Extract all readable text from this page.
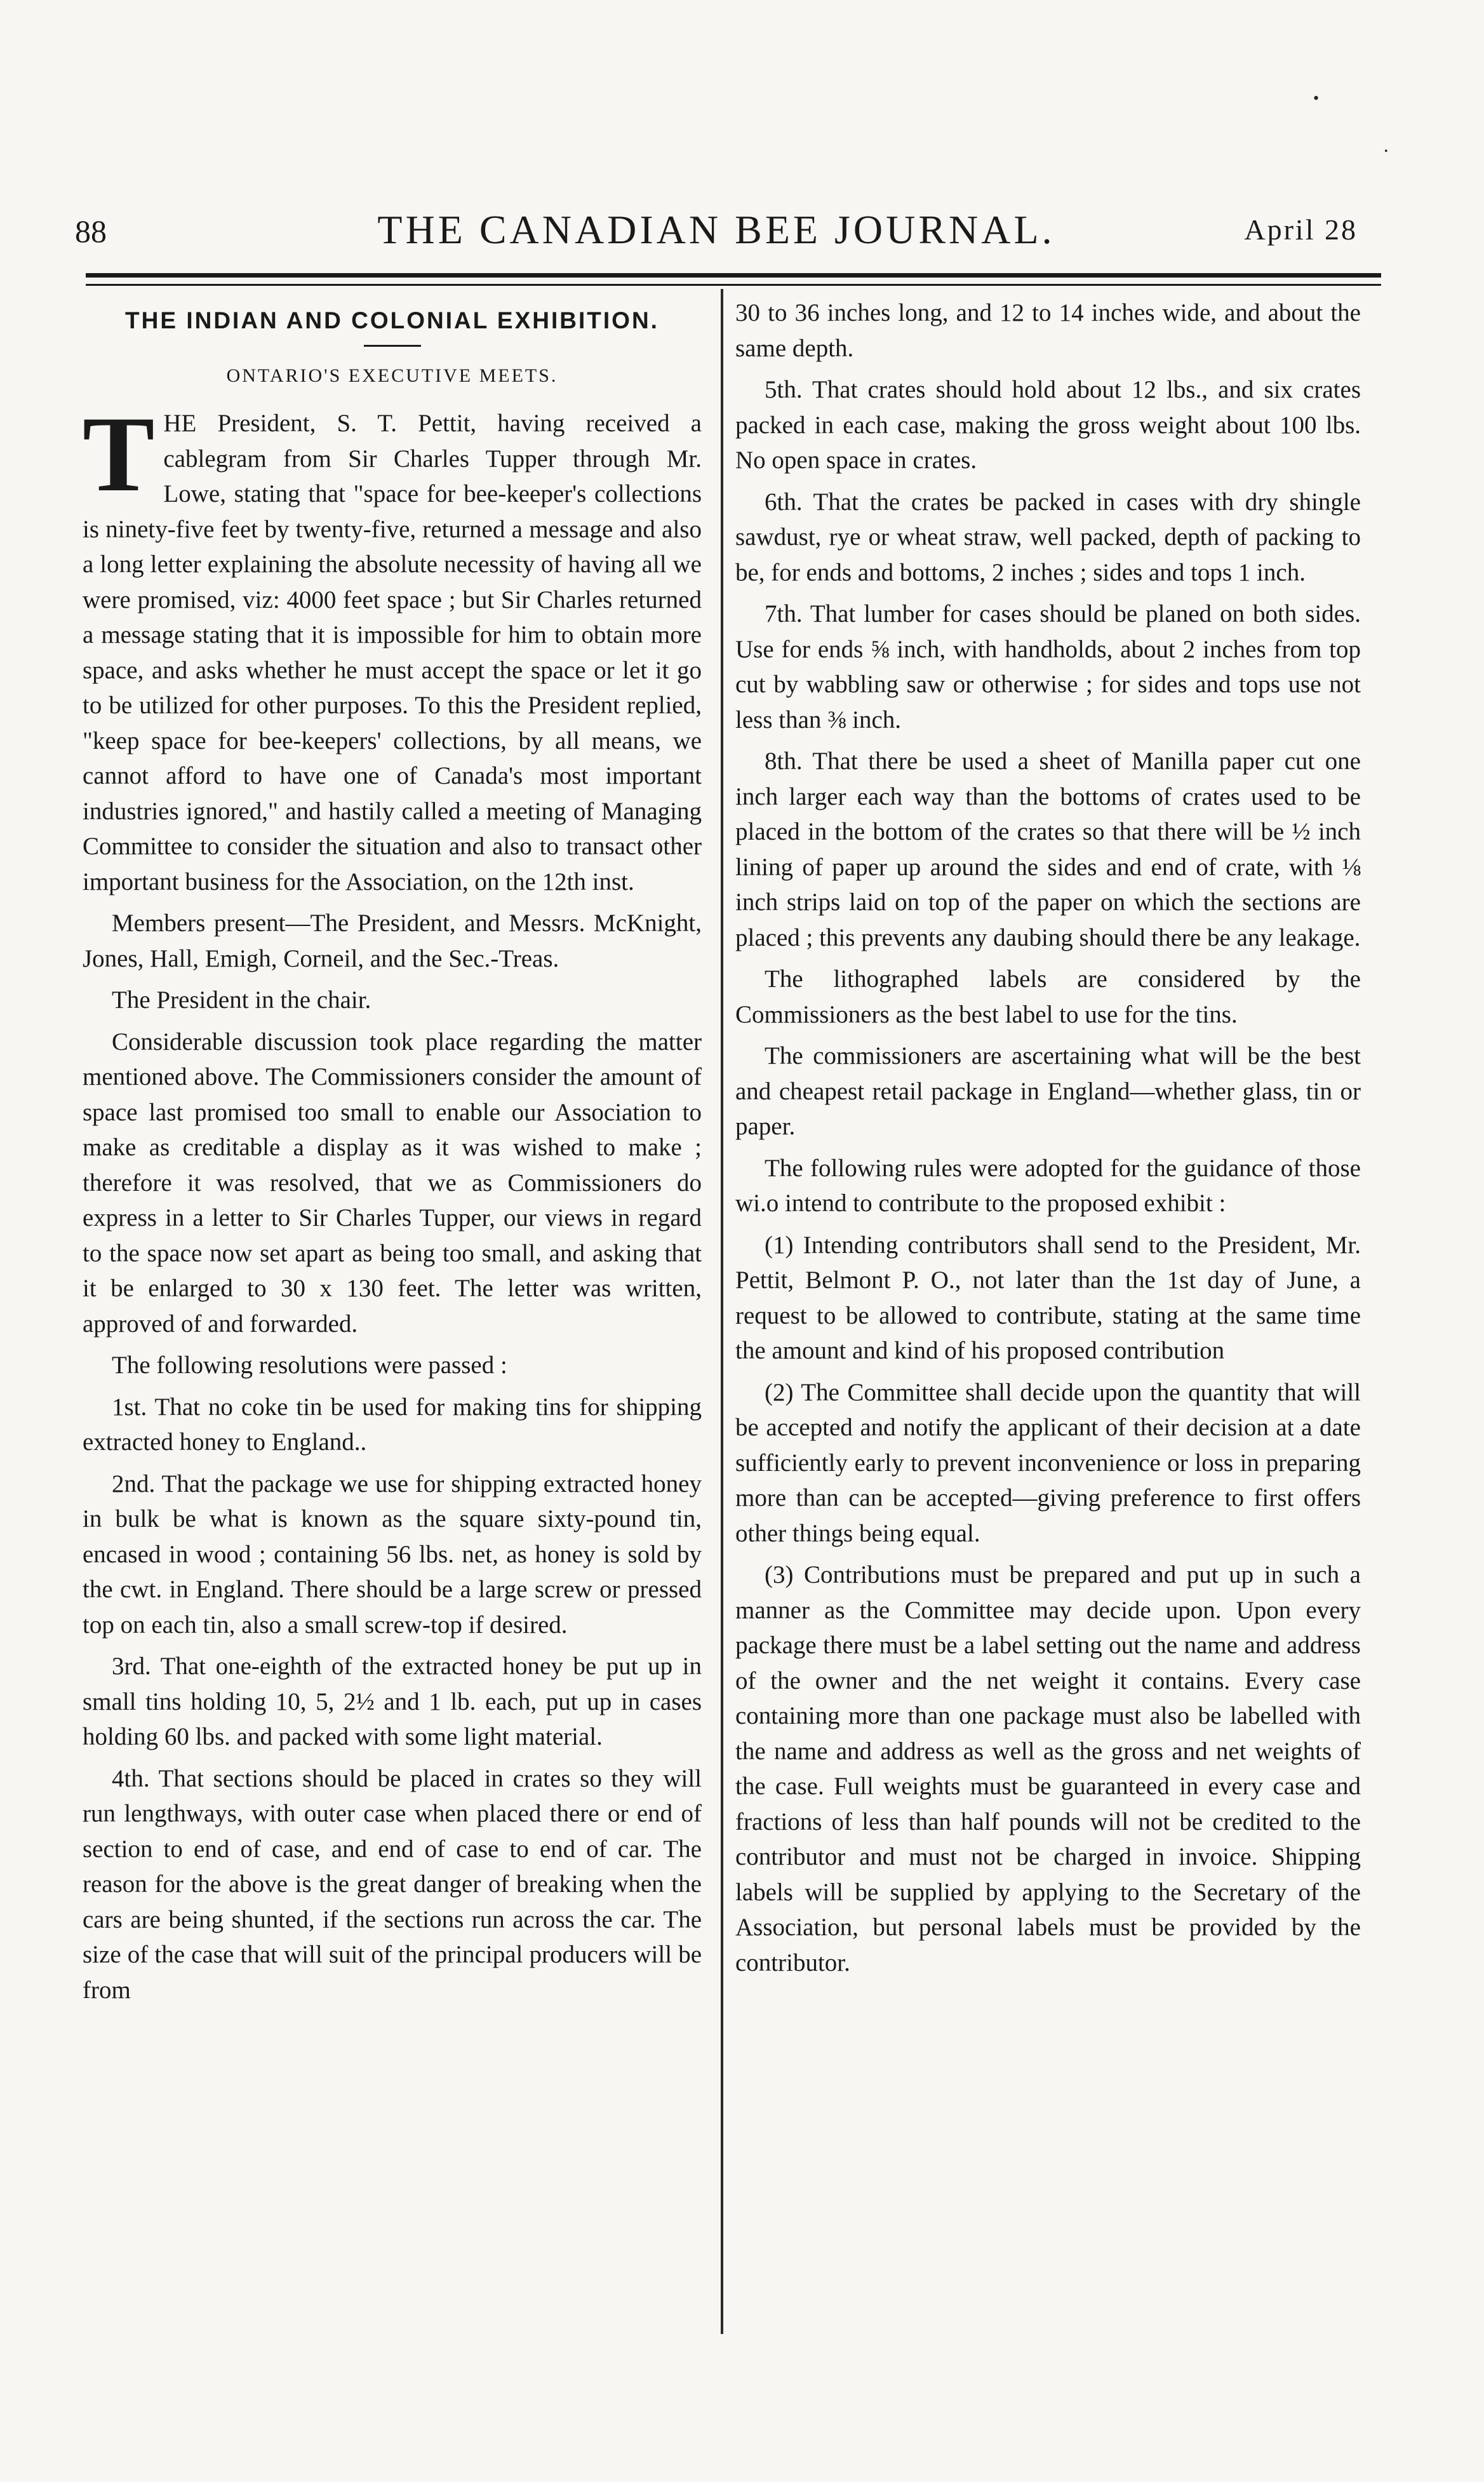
88	THE CANADIAN BEE JOURNAL.	April 28
•
•
THE INDIAN AND COLONIAL EXHIBITION.
ONTARIO'S EXECUTIVE MEETS.

THE President, S. T. Pettit, having received a cablegram from Sir Charles Tupper through Mr. Lowe, stating that "space for bee-keeper's collections is ninety-five feet by twenty-five, returned a message and also a long letter explaining the absolute necessity of having all we were promised, viz: 4000 feet space ; but Sir Charles returned a message stating that it is impossible for him to obtain more space, and asks whether he must accept the space or let it go to be utilized for other purposes. To this the President replied, "keep space for bee-keepers' collections, by all means, we cannot afford to have one of Canada's most important industries ignored," and hastily called a meeting of Managing Committee to consider the situation and also to transact other important business for the Association, on the 12th inst.

Members present—The President, and Messrs. McKnight, Jones, Hall, Emigh, Corneil, and the Sec.-Treas.

The President in the chair.

Considerable discussion took place regarding the matter mentioned above. The Commissioners consider the amount of space last promised too small to enable our Association to make as creditable a display as it was wished to make ; therefore it was resolved, that we as Commissioners do express in a letter to Sir Charles Tupper, our views in regard to the space now set apart as being too small, and asking that it be enlarged to 30 x 130 feet. The letter was written, approved of and forwarded.

The following resolutions were passed :

1st. That no coke tin be used for making tins for shipping extracted honey to England..

2nd. That the package we use for shipping extracted honey in bulk be what is known as the square sixty-pound tin, encased in wood ; containing 56 lbs. net, as honey is sold by the cwt. in England. There should be a large screw or pressed top on each tin, also a small screw-top if desired.

3rd. That one-eighth of the extracted honey be put up in small tins holding 10, 5, 2½ and 1 lb. each, put up in cases holding 60 lbs. and packed with some light material.

4th. That sections should be placed in crates so they will run lengthways, with outer case when placed there or end of section to end of case, and end of case to end of car. The reason for the above is the great danger of breaking when the cars are being shunted, if the sections run across the car. The size of the case that will suit of the principal producers will be from

30 to 36 inches long, and 12 to 14 inches wide, and about the same depth.

5th. That crates should hold about 12 lbs., and six crates packed in each case, making the gross weight about 100 lbs. No open space in crates.

6th. That the crates be packed in cases with dry shingle sawdust, rye or wheat straw, well packed, depth of packing to be, for ends and bottoms, 2 inches ; sides and tops 1 inch.

7th. That lumber for cases should be planed on both sides. Use for ends ⅝ inch, with handholds, about 2 inches from top cut by wabbling saw or otherwise ; for sides and tops use not less than ⅜ inch.

8th. That there be used a sheet of Manilla paper cut one inch larger each way than the bottoms of crates used to be placed in the bottom of the crates so that there will be ½ inch lining of paper up around the sides and end of crate, with ⅛ inch strips laid on top of the paper on which the sections are placed ; this prevents any daubing should there be any leakage.

The lithographed labels are considered by the Commissioners as the best label to use for the tins.

The commissioners are ascertaining what will be the best and cheapest retail package in England—whether glass, tin or paper.

The following rules were adopted for the guidance of those wi.o intend to contribute to the proposed exhibit :

(1) Intending contributors shall send to the President, Mr. Pettit, Belmont P. O., not later than the 1st day of June, a request to be allowed to contribute, stating at the same time the amount and kind of his proposed contribution

(2) The Committee shall decide upon the quantity that will be accepted and notify the applicant of their decision at a date sufficiently early to prevent inconvenience or loss in preparing more than can be accepted—giving preference to first offers other things being equal.

(3) Contributions must be prepared and put up in such a manner as the Committee may decide upon. Upon every package there must be a label setting out the name and address of the owner and the net weight it contains. Every case containing more than one package must also be labelled with the name and address as well as the gross and net weights of the case. Full weights must be guaranteed in every case and fractions of less than half pounds will not be credited to the contributor and must not be charged in invoice. Shipping labels will be supplied by applying to the Secretary of the Association, but personal labels must be provided by the contributor.
